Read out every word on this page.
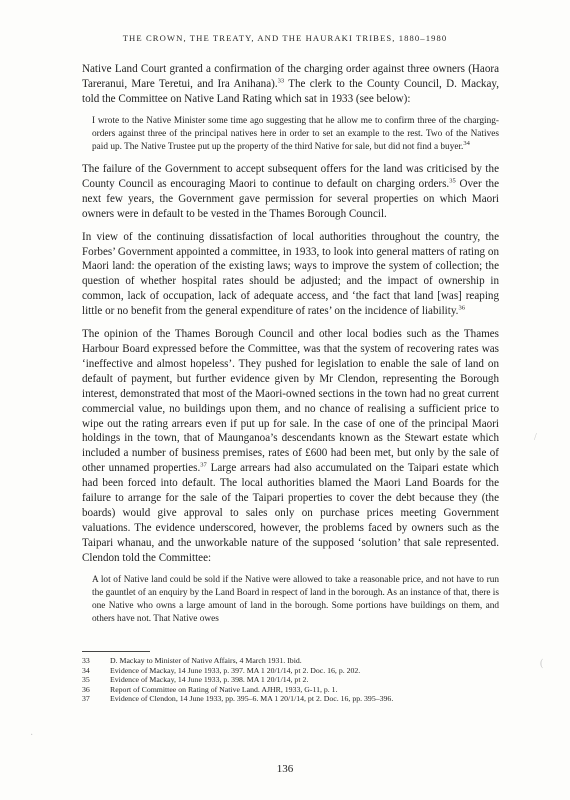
THE CROWN, THE TREATY, AND THE HAURAKI TRIBES, 1880–1980

Native Land Court granted a confirmation of the charging order against three owners (Haora Tareranui, Mare Teretui, and Ira Anihana).$^{33}$ The clerk to the County Council, D. Mackay, told the Committee on Native Land Rating which sat in 1933 (see below):

I wrote to the Native Minister some time ago suggesting that he allow me to confirm three of the charging-orders against three of the principal natives here in order to set an example to the rest. Two of the Natives paid up. The Native Trustee put up the property of the third Native for sale, but did not find a buyer.$^{34}$

The failure of the Government to accept subsequent offers for the land was criticised by the County Council as encouraging Maori to continue to default on charging orders.$^{35}$ Over the next few years, the Government gave permission for several properties on which Maori owners were in default to be vested in the Thames Borough Council.

In view of the continuing dissatisfaction of local authorities throughout the country, the Forbes’ Government appointed a committee, in 1933, to look into general matters of rating on Maori land: the operation of the existing laws; ways to improve the system of collection; the question of whether hospital rates should be adjusted; and the impact of ownership in common, lack of occupation, lack of adequate access, and ‘the fact that land [was] reaping little or no benefit from the general expenditure of rates’ on the incidence of liability.$^{36}$

The opinion of the Thames Borough Council and other local bodies such as the Thames Harbour Board expressed before the Committee, was that the system of recovering rates was ‘ineffective and almost hopeless’. They pushed for legislation to enable the sale of land on default of payment, but further evidence given by Mr Clendon, representing the Borough interest, demonstrated that most of the Maori-owned sections in the town had no great current commercial value, no buildings upon them, and no chance of realising a sufficient price to wipe out the rating arrears even if put up for sale. In the case of one of the principal Maori holdings in the town, that of Maunganoa’s descendants known as the Stewart estate which included a number of business premises, rates of £600 had been met, but only by the sale of other unnamed properties.$^{37}$ Large arrears had also accumulated on the Taipari estate which had been forced into default. The local authorities blamed the Maori Land Boards for the failure to arrange for the sale of the Taipari properties to cover the debt because they (the boards) would give approval to sales only on purchase prices meeting Government valuations. The evidence underscored, however, the problems faced by owners such as the Taipari whanau, and the unworkable nature of the supposed ‘solution’ that sale represented. Clendon told the Committee:

A lot of Native land could be sold if the Native were allowed to take a reasonable price, and not have to run the gauntlet of an enquiry by the Land Board in respect of land in the borough. As an instance of that, there is one Native who owns a large amount of land in the borough. Some portions have buildings on them, and others have not. That Native owes
33	D. Mackay to Minister of Native Affairs, 4 March 1931. Ibid.
34	Evidence of Mackay, 14 June 1933, p. 397. MA 1 20/1/14, pt 2. Doc. 16, p. 202.
35	Evidence of Mackay, 14 June 1933, p. 398. MA 1 20/1/14, pt 2.
36	Report of Committee on Rating of Native Land. AJHR, 1933, G-11, p. 1.
37	Evidence of Clendon, 14 June 1933, pp. 395–6. MA 1 20/1/14, pt 2. Doc. 16, pp. 395–396.
136
/
(
·
